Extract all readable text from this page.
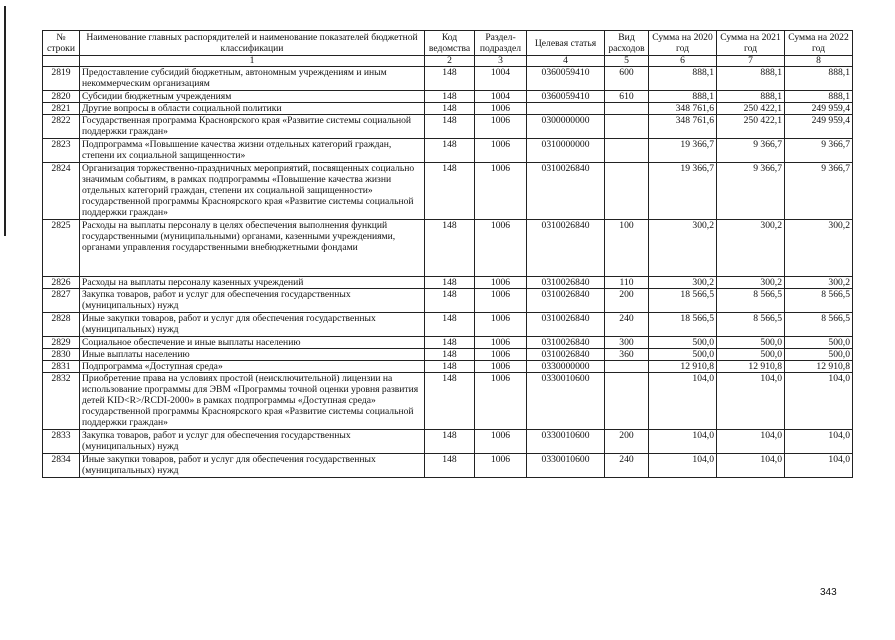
№ строки	Наименование главных распорядителей и наименование показателей бюджетной классификации	Код ведомства	Раздел-подраздел	Целевая статья	Вид расходов	Сумма на 2020 год	Сумма на 2021 год	Сумма на 2022 год
	1	2	3	4	5	6	7	8
2819	Предоставление субсидий бюджетным, автономным учреждениям и иным некоммерческим организациям	148	1004	0360059410	600	888,1	888,1	888,1
2820	Субсидии бюджетным учреждениям	148	1004	0360059410	610	888,1	888,1	888,1
2821	Другие вопросы в области социальной политики	148	1006			348 761,6	250 422,1	249 959,4
2822	Государственная программа Красноярского края «Развитие системы социальной поддержки граждан»	148	1006	0300000000		348 761,6	250 422,1	249 959,4
2823	Подпрограмма «Повышение качества жизни отдельных категорий граждан, степени их социальной защищенности»	148	1006	0310000000		19 366,7	9 366,7	9 366,7
2824	Организация торжественно-праздничных мероприятий, посвященных социально значимым событиям, в рамках подпрограммы «Повышение качества жизни отдельных категорий граждан, степени их социальной защищенности» государственной программы Красноярского края «Развитие системы социальной поддержки граждан»	148	1006	0310026840		19 366,7	9 366,7	9 366,7
2825	Расходы на выплаты персоналу в целях обеспечения выполнения функций государственными (муниципальными) органами, казенными учреждениями, органами управления государственными внебюджетными фондами	148	1006	0310026840	100	300,2	300,2	300,2
2826	Расходы на выплаты персоналу казенных учреждений	148	1006	0310026840	110	300,2	300,2	300,2
2827	Закупка товаров, работ и услуг для обеспечения государственных (муниципальных) нужд	148	1006	0310026840	200	18 566,5	8 566,5	8 566,5
2828	Иные закупки товаров, работ и услуг для обеспечения государственных (муниципальных) нужд	148	1006	0310026840	240	18 566,5	8 566,5	8 566,5
2829	Социальное обеспечение и иные выплаты населению	148	1006	0310026840	300	500,0	500,0	500,0
2830	Иные выплаты населению	148	1006	0310026840	360	500,0	500,0	500,0
2831	Подпрограмма «Доступная среда»	148	1006	0330000000		12 910,8	12 910,8	12 910,8
2832	Приобретение права на условиях простой (неисключительной) лицензии на использование программы для ЭВМ «Программы точной оценки уровня развития детей KID<R>/RCDI-2000» в рамках подпрограммы «Доступная среда» государственной программы Красноярского края «Развитие системы социальной поддержки граждан»	148	1006	0330010600		104,0	104,0	104,0
2833	Закупка товаров, работ и услуг для обеспечения государственных (муниципальных) нужд	148	1006	0330010600	200	104,0	104,0	104,0
2834	Иные закупки товаров, работ и услуг для обеспечения государственных (муниципальных) нужд	148	1006	0330010600	240	104,0	104,0	104,0
343
